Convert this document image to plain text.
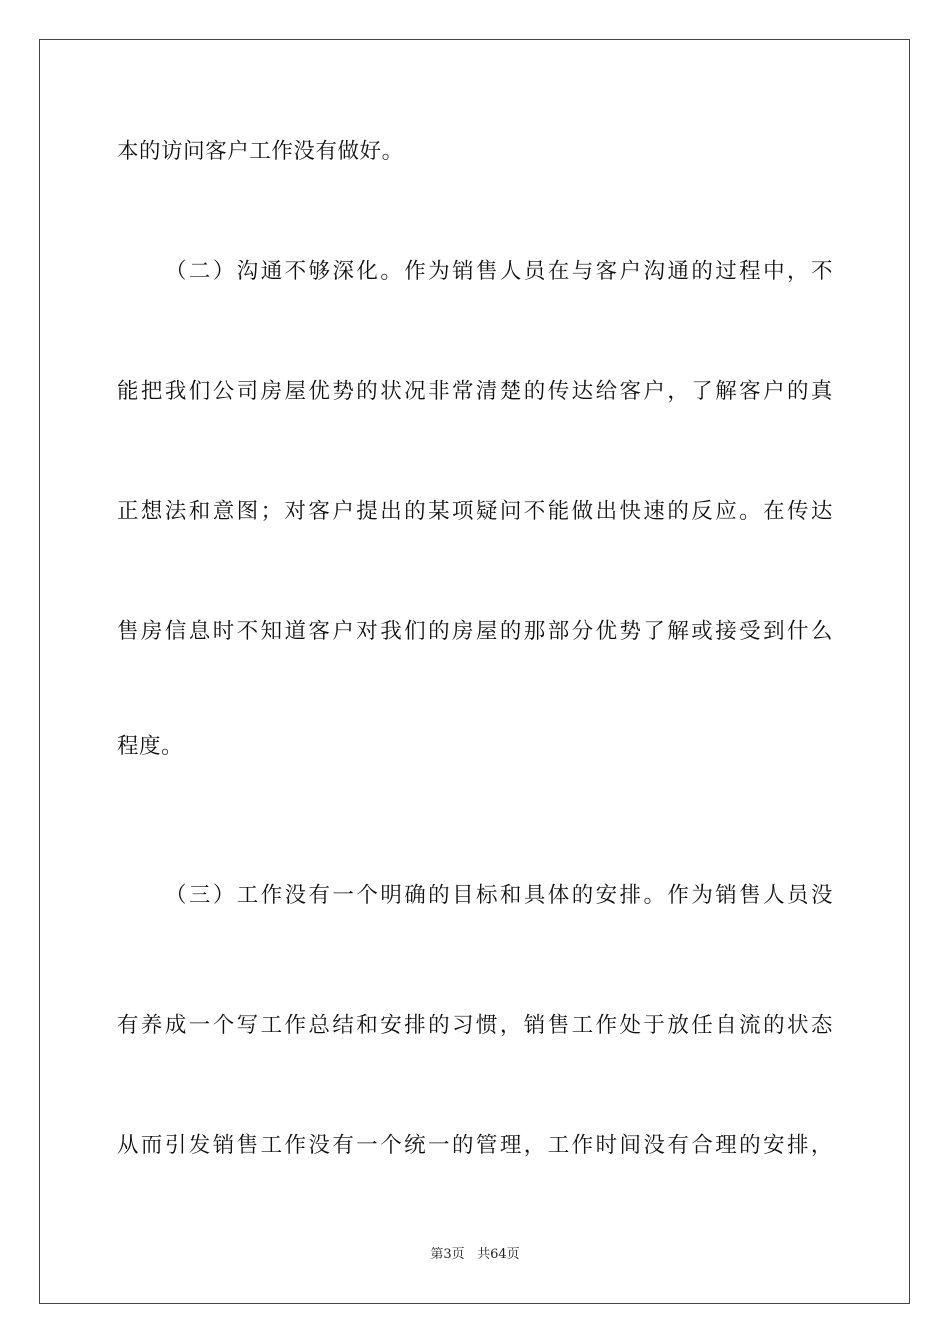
本的访问客户工作没有做好。
（二）沟通不够深化。作为销售人员在与客户沟通的过程中，不
能把我们公司房屋优势的状况非常清楚的传达给客户，了解客户的真
正想法和意图；对客户提出的某项疑问不能做出快速的反应。在传达
售房信息时不知道客户对我们的房屋的那部分优势了解或接受到什么
程度。
（三）工作没有一个明确的目标和具体的安排。作为销售人员没
有养成一个写工作总结和安排的习惯，销售工作处于放任自流的状态
从而引发销售工作没有一个统一的管理，工作时间没有合理的安排，
第3页 共64页
